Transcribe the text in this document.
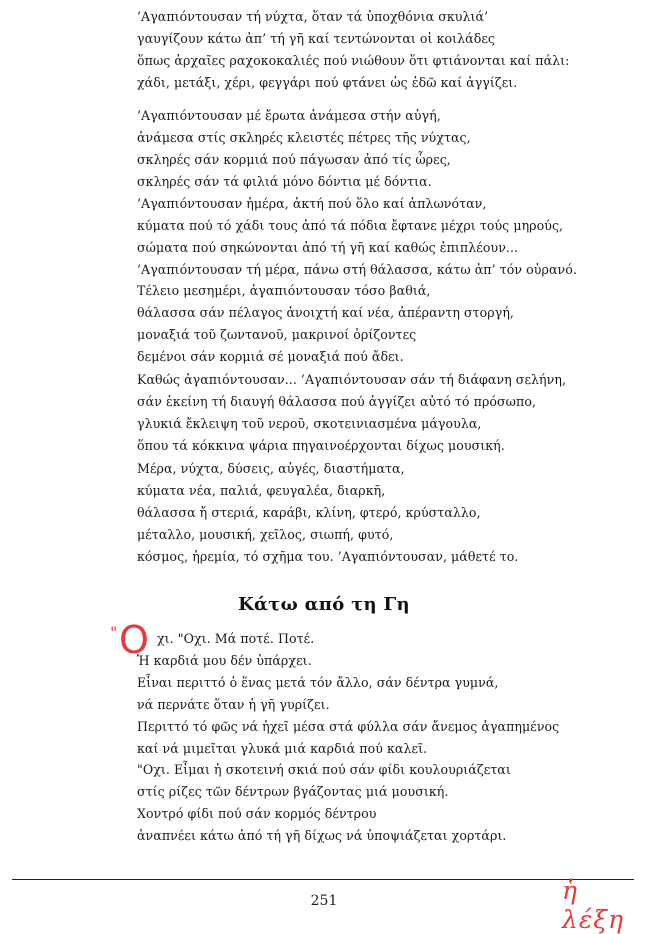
’Αγαπιόντουσαν τή νύχτα, ὅταν τά ὑποχθόνια σκυλιά’
γαυγίζουν κάτω ἀπ’ τή γῆ καί τεντώνονται οἱ κοιλάδες
ὅπως ἀρχαῖες ραχοκοκαλιές πού νιώθουν ὅτι φτιάνονται καί πάλι:
χάδι, μετάξι, χέρι, φεγγάρι πού φτάνει ὡς ἐδῶ καί ἀγγίζει.
’Αγαπιόντουσαν μέ ἔρωτα ἀνάμεσα στήν αὐγή,
ἀνάμεσα στίς σκληρές κλειστές πέτρες τῆς νύχτας,
σκληρές σάν κορμιά πού πάγωσαν ἀπό τίς ὧρες,
σκληρές σάν τά φιλιά μόνο δόντια μέ δόντια.
’Αγαπιόντουσαν ἡμέρα, ἀκτή πού ὅλο καί ἁπλωνόταν,
κύματα πού τό χάδι τους ἀπό τά πόδια ἔφτανε μέχρι τούς μηρούς,
σώματα πού σηκώνονται ἀπό τή γῆ καί καθώς ἐπιπλέουν...
’Αγαπιόντουσαν τή μέρα, πάνω στή θάλασσα, κάτω ἀπ’ τόν οὐρανό.
Τέλειο μεσημέρι, ἀγαπιόντουσαν τόσο βαθιά,
θάλασσα σάν πέλαγος ἀνοιχτή καί νέα, ἀπέραντη στοργή,
μοναξιά τοῦ ζωντανοῦ, μακρινοί ὁρίζοντες
δεμένοι σάν κορμιά σέ μοναξιά πού ἄδει.
Καθώς ἀγαπιόντουσαν... ’Αγαπιόντουσαν σάν τή διάφανη σελήνη,
σάν ἐκείνη τή διαυγή θάλασσα πού ἀγγίζει αὐτό τό πρόσωπο,
γλυκιά ἔκλειψη τοῦ νεροῦ, σκοτεινιασμένα μάγουλα,
ὅπου τά κόκκινα ψάρια πηγαινοέρχονται δίχως μουσική.
Μέρα, νύχτα, δύσεις, αὐγές, διαστήματα,
κύματα νέα, παλιά, φευγαλέα, διαρκῆ,
θάλασσα ἤ στεριά, καράβι, κλίνη, φτερό, κρύσταλλο,
μέταλλο, μουσική, χεῖλος, σιωπή, φυτό,
κόσμος, ἠρεμία, τό σχῆμα του. ’Αγαπιόντουσαν, μάθετέ το.
Κάτω από τη Γη
" Ο χι. "Οχι. Μά ποτέ. Ποτέ.
Ἡ καρδιά μου δέν ὑπάρχει.
Εἶναι περιττό ὁ ἕνας μετά τόν ἄλλο, σάν δέντρα γυμνά,
νά περνάτε ὅταν ἡ γῆ γυρίζει.
Περιττό τό φῶς νά ἠχεῖ μέσα στά φύλλα σάν ἄνεμος ἀγαπημένος
καί νά μιμεῖται γλυκά μιά καρδιά πού καλεῖ.
"Οχι. Εἶμαι ἡ σκοτεινή σκιά πού σάν φίδι κουλουριάζεται
στίς ρίζες τῶν δέντρων βγάζοντας μιά μουσική.
Χοντρό φίδι πού σάν κορμός δέντρου
ἀναπνέει κάτω ἀπό τή γῆ δίχως νά ὑποψιάζεται χορτάρι.
251	ἡ λέξη
